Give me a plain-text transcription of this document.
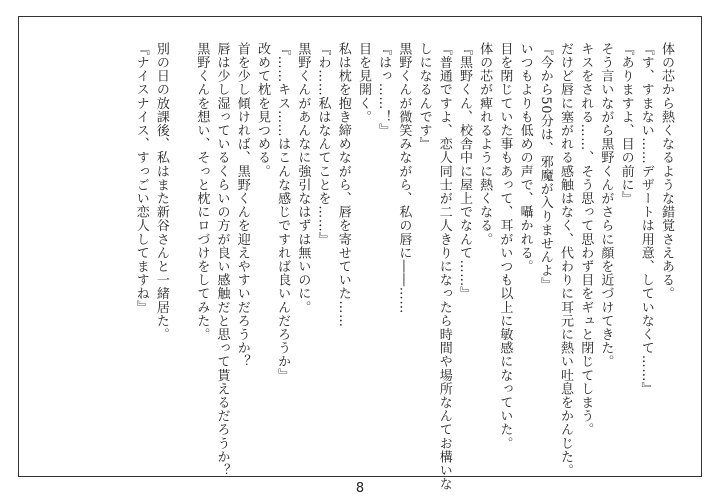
体の芯から熱くなるような錯覚さえある。
『す、すまない……デザートは用意、していなくて……』
『ありますよ、目の前に』
そう言いながら黒野くんがさらに顔を近づけてきた。
キスをされる……、そう思って思わず目をギュと閉じてしまう。
だけど唇に塞がれる感触はなく、代わりに耳元に熱い吐息をかんじた。
『今から50分は、邪魔が入りませんよ』
いつもよりも低めの声で、囁かれる。
目を閉じていた事もあって、耳がいつも以上に敏感になっていた。
体の芯が痺れるように熱くなる。
『黒野くん、校舎中に屋上でなんて……』
『普通ですよ、恋人同士が二人きりになったら時間や場所なんてお構いな
しになるんです』
黒野くんが微笑みながら、私の唇に――……
『はっ……！』
目を見開く。
私は枕を抱き締めながら、唇を寄せていた……
『わ……私はなんてことを……』
黒野くんがあんなに強引なはずは無いのに。
『……キス……はこんな感じですれば良いんだろうか』
改めて枕を見つめる。
首を少し傾ければ、黒野くんを迎えやすいだろうか？
唇は少し湿っているくらいの方が良い感触だと思って貰えるだろうか？
黒野くんを想い、そっと枕にロづけをしてみた。

別の日の放課後、私はまた新谷さんと一緒居た。
『ナイスナイス、すっごい恋人してますね』
8
